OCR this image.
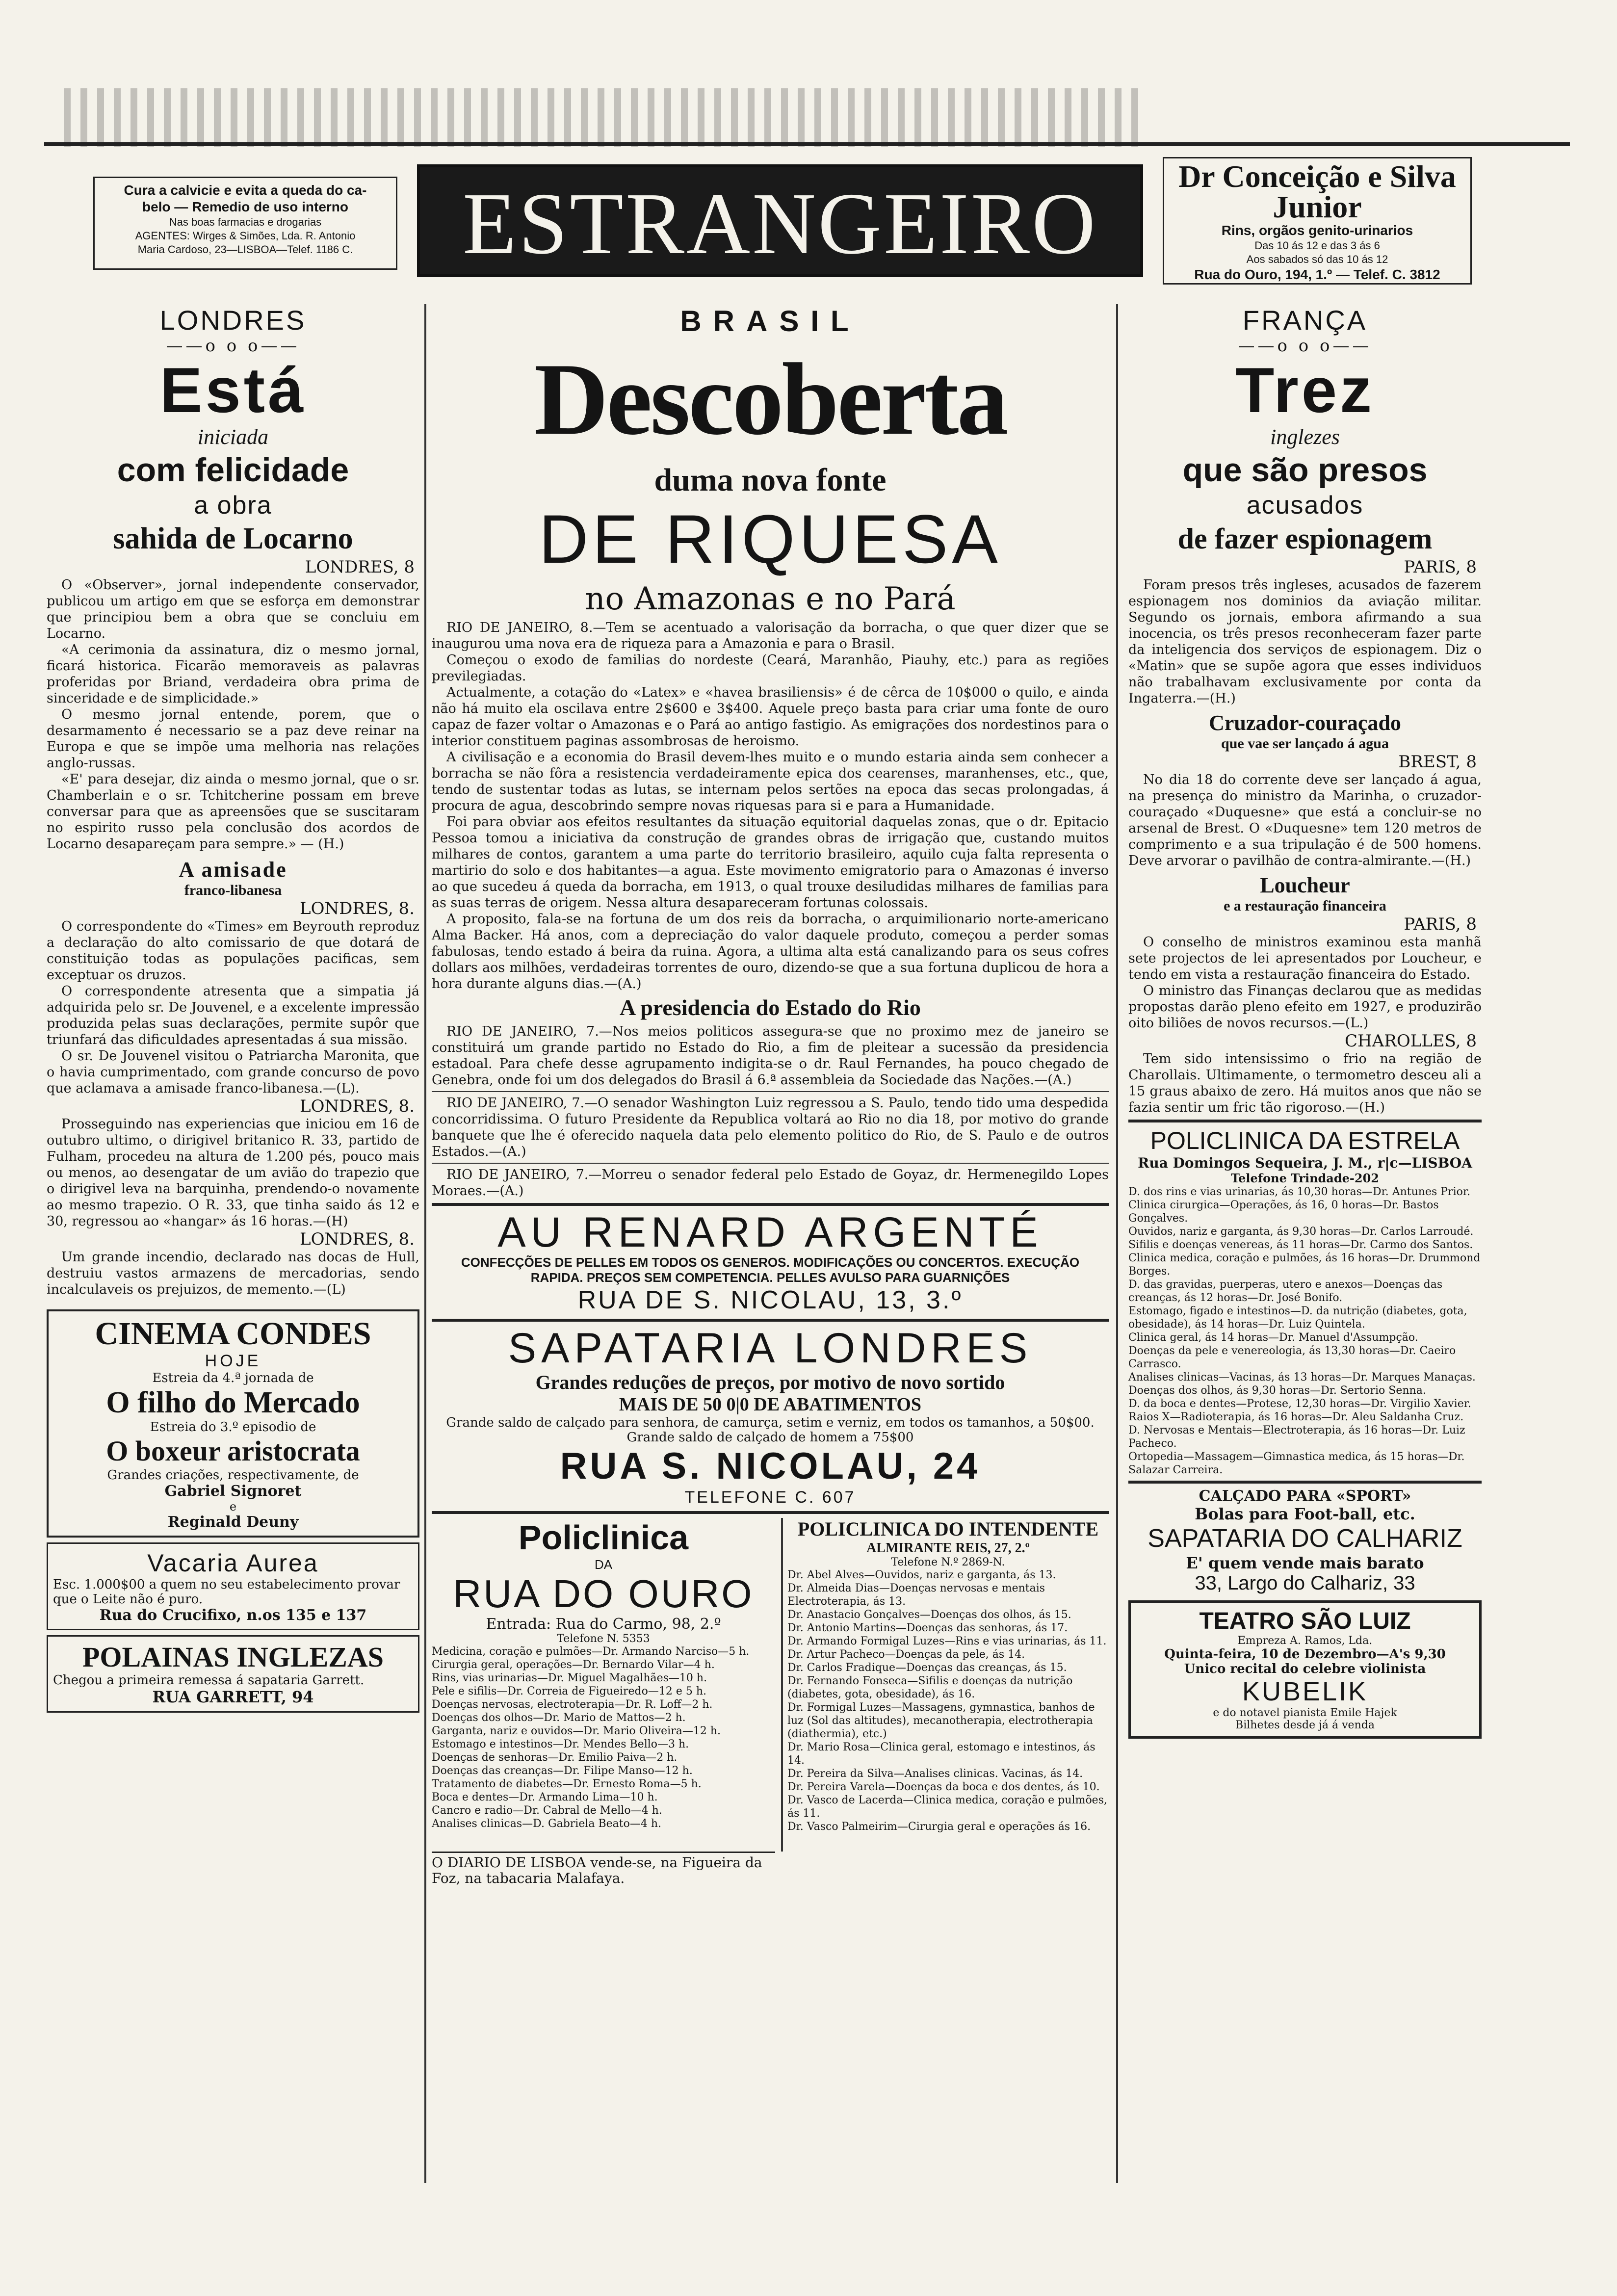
Cura a calvicie e evita a queda do ca-
belo — Remedio de uso interno
Nas boas farmacias e drogarias
AGENTES: Wirges & Simões, Lda. R. Antonio
Maria Cardoso, 23—LISBOA—Telef. 1186 C.	ESTRANGEIRO	Dr Conceição e Silva Junior
Rins, orgãos genito-urinarios
Das 10 ás 12 e das 3 ás 6
Aos sabados só das 10 ás 12
Rua do Ouro, 194, 1.º — Telef. C. 3812
LONDRES
——o o o——
Está
iniciada
com felicidade
a obra
sahida de Locarno
LONDRES, 8

O «Observer», jornal independente conservador, publicou um artigo em que se esforça em demonstrar que principiou bem a obra que se concluiu em Locarno.

«A cerimonia da assinatura, diz o mesmo jornal, ficará historica. Ficarão memoraveis as palavras proferidas por Briand, verdadeira obra prima de sinceridade e de simplicidade.»

O mesmo jornal entende, porem, que o desarmamento é necessario se a paz deve reinar na Europa e que se impõe uma melhoria nas relações anglo-russas.

«E' para desejar, diz ainda o mesmo jornal, que o sr. Chamberlain e o sr. Tchitcherine possam em breve conversar para que as apreensões que se suscitaram no espirito russo pela conclusão dos acordos de Locarno desapareçam para sempre.» — (H.)

A amisade
franco-libanesa
LONDRES, 8.

O correspondente do «Times» em Beyrouth reproduz a declaração do alto comissario de que dotará de constituição todas as populações pacificas, sem exceptuar os druzos.

O correspondente atresenta que a simpatia já adquirida pelo sr. De Jouvenel, e a excelente impressão produzida pelas suas declarações, permite supôr que triunfará das dificuldades apresentadas á sua missão.

O sr. De Jouvenel visitou o Patriarcha Maronita, que o havia cumprimentado, com grande concurso de povo que aclamava a amisade franco-libanesa.—(L).

LONDRES, 8.

Prosseguindo nas experiencias que iniciou em 16 de outubro ultimo, o dirigivel britanico R. 33, partido de Fulham, procedeu na altura de 1.200 pés, pouco mais ou menos, ao desengatar de um avião do trapezio que o dirigivel leva na barquinha, prendendo-o novamente ao mesmo trapezio. O R. 33, que tinha saido ás 12 e 30, regressou ao «hangar» ás 16 horas.—(H)

LONDRES, 8.

Um grande incendio, declarado nas docas de Hull, destruiu vastos armazens de mercadorias, sendo incalculaveis os prejuizos, de memento.—(L)

CINEMA CONDES
HOJE
Estreia da 4.ª jornada de
O filho do Mercado
Estreia do 3.º episodio de
O boxeur aristocrata
Grandes criações, respectivamente, de
Gabriel Signoret
e
Reginald Deuny
Vacaria Aurea
Esc. 1.000$00 a quem no seu estabelecimento provar que o Leite não é puro.
Rua do Crucifixo, n.os 135 e 137
POLAINAS INGLEZAS
Chegou a primeira remessa á sapataria Garrett.
RUA GARRETT, 94
BRASIL
Descoberta
duma nova fonte
DE RIQUESA
no Amazonas e no Pará

RIO DE JANEIRO, 8.—Tem se acentuado a valorisação da borracha, o que quer dizer que se inaugurou uma nova era de riqueza para a Amazonia e para o Brasil.

Começou o exodo de familias do nordeste (Ceará, Maranhão, Piauhy, etc.) para as regiões previlegiadas.

Actualmente, a cotação do «Latex» e «havea brasiliensis» é de cêrca de 10$000 o quilo, e ainda não há muito ela oscilava entre 2$600 e 3$400. Aquele preço basta para criar uma fonte de ouro capaz de fazer voltar o Amazonas e o Pará ao antigo fastigio. As emigrações dos nordestinos para o interior constituem paginas assombrosas de heroismo.

A civilisação e a economia do Brasil devem-lhes muito e o mundo estaria ainda sem conhecer a borracha se não fôra a resistencia verdadeiramente epica dos cearenses, maranhenses, etc., que, tendo de sustentar todas as lutas, se internam pelos sertões na epoca das secas prolongadas, á procura de agua, descobrindo sempre novas riquesas para si e para a Humanidade.

Foi para obviar aos efeitos resultantes da situação equitorial daquelas zonas, que o dr. Epitacio Pessoa tomou a iniciativa da construção de grandes obras de irrigação que, custando muitos milhares de contos, garantem a uma parte do territorio brasileiro, aquilo cuja falta representa o martirio do solo e dos habitantes—a agua. Este movimento emigratorio para o Amazonas é inverso ao que sucedeu á queda da borracha, em 1913, o qual trouxe desiludidas milhares de familias para as suas terras de origem. Nessa altura desapareceram fortunas colossais.

A proposito, fala-se na fortuna de um dos reis da borracha, o arquimilionario norte-americano Alma Backer. Há anos, com a depreciação do valor daquele produto, começou a perder somas fabulosas, tendo estado á beira da ruina. Agora, a ultima alta está canalizando para os seus cofres dollars aos milhões, verdadeiras torrentes de ouro, dizendo-se que a sua fortuna duplicou de hora a hora durante alguns dias.—(A.)

A presidencia do Estado do Rio

RIO DE JANEIRO, 7.—Nos meios politicos assegura-se que no proximo mez de janeiro se constituirá um grande partido no Estado do Rio, a fim de pleitear a sucessão da presidencia estadoal. Para chefe desse agrupamento indigita-se o dr. Raul Fernandes, ha pouco chegado de Genebra, onde foi um dos delegados do Brasil á 6.ª assembleia da Sociedade das Nações.—(A.)

RIO DE JANEIRO, 7.—O senador Washington Luiz regressou a S. Paulo, tendo tido uma despedida concorridissima. O futuro Presidente da Republica voltará ao Rio no dia 18, por motivo do grande banquete que lhe é oferecido naquela data pelo elemento politico do Rio, de S. Paulo e de outros Estados.—(A.)

RIO DE JANEIRO, 7.—Morreu o senador federal pelo Estado de Goyaz, dr. Hermenegildo Lopes Moraes.—(A.)

AU RENARD ARGENTÉ
CONFECÇÕES DE PELLES EM TODOS OS GENEROS. MODIFICAÇÕES OU CONCERTOS. EXECUÇÃO
RAPIDA. PREÇOS SEM COMPETENCIA. PELLES AVULSO PARA GUARNIÇÕES
RUA DE S. NICOLAU, 13, 3.º
SAPATARIA LONDRES
Grandes reduções de preços, por motivo de novo sortido
MAIS DE 50 0|0 DE ABATIMENTOS
Grande saldo de calçado para senhora, de camurça, setim e verniz, em todos os tamanhos, a 50$00. Grande saldo de calçado de homem a 75$00
RUA S. NICOLAU, 24
TELEFONE C. 607
Policlinica
DA
RUA DO OURO
Entrada: Rua do Carmo, 98, 2.º
Telefone N. 5353
Medicina, coração e pulmões—Dr. Armando Narciso—5 h.
Cirurgia geral, operações—Dr. Bernardo Vilar—4 h.
Rins, vias urinarias—Dr. Miguel Magalhães—10 h.
Pele e sifilis—Dr. Correia de Figueiredo—12 e 5 h.
Doenças nervosas, electroterapia—Dr. R. Loff—2 h.
Doenças dos olhos—Dr. Mario de Mattos—2 h.
Garganta, nariz e ouvidos—Dr. Mario Oliveira—12 h.
Estomago e intestinos—Dr. Mendes Bello—3 h.
Doenças de senhoras—Dr. Emilio Paiva—2 h.
Doenças das creanças—Dr. Filipe Manso—12 h.
Tratamento de diabetes—Dr. Ernesto Roma—5 h.
Boca e dentes—Dr. Armando Lima—10 h.
Cancro e radio—Dr. Cabral de Mello—4 h.
Analises clinicas—D. Gabriela Beato—4 h.
POLICLINICA DO INTENDENTE
ALMIRANTE REIS, 27, 2.º
Telefone N.º 2869-N.
Dr. Abel Alves—Ouvidos, nariz e garganta, ás 13.
Dr. Almeida Dias—Doenças nervosas e mentais Electroterapia, ás 13.
Dr. Anastacio Gonçalves—Doenças dos olhos, ás 15.
Dr. Antonio Martins—Doenças das senhoras, ás 17.
Dr. Armando Formigal Luzes—Rins e vias urinarias, ás 11.
Dr. Artur Pacheco—Doenças da pele, ás 14.
Dr. Carlos Fradique—Doenças das creanças, ás 15.
Dr. Fernando Fonseca—Sifilis e doenças da nutrição (diabetes, gota, obesidade), ás 16.
Dr. Formigal Luzes—Massagens, gymnastica, banhos de luz (Sol das altitudes), mecanotherapia, electrotherapia (diathermia), etc.)
Dr. Mario Rosa—Clinica geral, estomago e intestinos, ás 14.
Dr. Pereira da Silva—Analises clinicas. Vacinas, ás 14.
Dr. Pereira Varela—Doenças da boca e dos dentes, ás 10.
Dr. Vasco de Lacerda—Clinica medica, coração e pulmões, ás 11.
Dr. Vasco Palmeirim—Cirurgia geral e operações ás 16.
O DIARIO DE LISBOA vende-se, na Figueira da Foz, na tabacaria Malafaya.
FRANÇA
——o o o——
Trez
inglezes
que são presos
acusados
de fazer espionagem
PARIS, 8

Foram presos três ingleses, acusados de fazerem espionagem nos dominios da aviação militar. Segundo os jornais, embora afirmando a sua inocencia, os três presos reconheceram fazer parte da inteligencia dos serviços de espionagem. Diz o «Matin» que se supõe agora que esses individuos não trabalhavam exclusivamente por conta da Ingaterra.—(H.)

Cruzador-couraçado
que vae ser lançado á agua
BREST, 8

No dia 18 do corrente deve ser lançado á agua, na presença do ministro da Marinha, o cruzador-couraçado «Duquesne» que está a concluir-se no arsenal de Brest. O «Duquesne» tem 120 metros de comprimento e a sua tripulação é de 500 homens. Deve arvorar o pavilhão de contra-almirante.—(H.)

Loucheur
e a restauração financeira
PARIS, 8

O conselho de ministros examinou esta manhã sete projectos de lei apresentados por Loucheur, e tendo em vista a restauração financeira do Estado.

O ministro das Finanças declarou que as medidas propostas darão pleno efeito em 1927, e produzirão oito biliões de novos recursos.—(L.)

CHAROLLES, 8

Tem sido intensissimo o frio na região de Charollais. Ultimamente, o termometro desceu ali a 15 graus abaixo de zero. Há muitos anos que não se fazia sentir um fric tão rigoroso.—(H.)

POLICLINICA DA ESTRELA
Rua Domingos Sequeira, J. M., r|c—LISBOA
Telefone Trindade-202
D. dos rins e vias urinarias, ás 10,30 horas—Dr. Antunes Prior.
Clinica cirurgica—Operações, ás 16, 0 horas—Dr. Bastos Gonçalves.
Ouvidos, nariz e garganta, ás 9,30 horas—Dr. Carlos Larroudé.
Sifilis e doenças venereas, ás 11 horas—Dr. Carmo dos Santos.
Clinica medica, coração e pulmões, ás 16 horas—Dr. Drummond Borges.
D. das gravidas, puerperas, utero e anexos—Doenças das creanças, ás 12 horas—Dr. José Bonifo.
Estomago, figado e intestinos—D. da nutrição (diabetes, gota, obesidade), ás 14 horas—Dr. Luiz Quintela.
Clinica geral, ás 14 horas—Dr. Manuel d'Assumpção.
Doenças da pele e venereologia, ás 13,30 horas—Dr. Caeiro Carrasco.
Analises clinicas—Vacinas, ás 13 horas—Dr. Marques Manaças.
Doenças dos olhos, ás 9,30 horas—Dr. Sertorio Senna.
D. da boca e dentes—Protese, 12,30 horas—Dr. Virgilio Xavier.
Raios X—Radioterapia, ás 16 horas—Dr. Aleu Saldanha Cruz.
D. Nervosas e Mentais—Electroterapia, ás 16 horas—Dr. Luiz Pacheco.
Ortopedia—Massagem—Gimnastica medica, ás 15 horas—Dr. Salazar Carreira.
CALÇADO PARA «SPORT»
Bolas para Foot-ball, etc.
SAPATARIA DO CALHARIZ
E' quem vende mais barato
33, Largo do Calhariz, 33
TEATRO SÃO LUIZ
Empreza A. Ramos, Lda.
Quinta-feira, 10 de Dezembro—A's 9,30
Unico recital do celebre violinista
KUBELIK
e do notavel pianista Emile Hajek
Bilhetes desde já á venda
